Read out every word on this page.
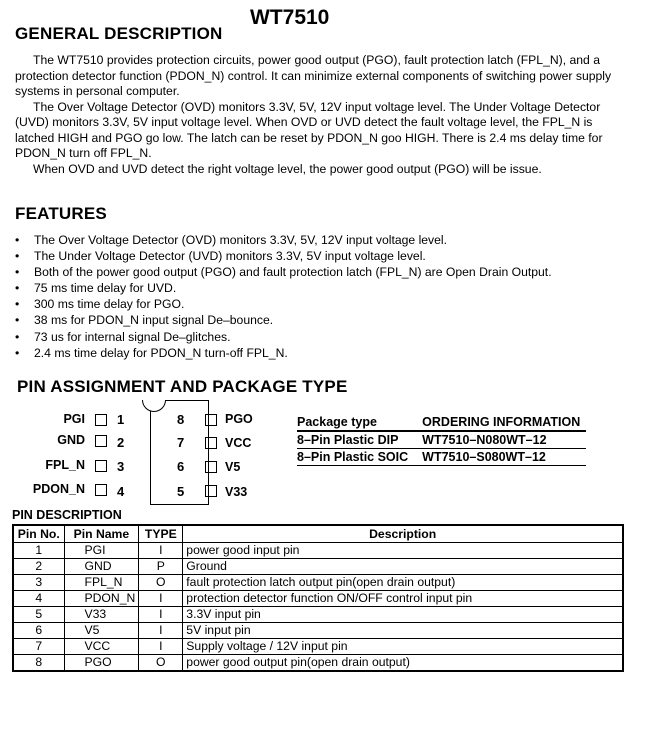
WT7510
GENERAL DESCRIPTION

The WT7510 provides protection circuits, power good output (PGO), fault protection latch (FPL_N), and a protection detector function (PDON_N) control. It can minimize external components of switching power supply systems in personal computer.

The Over Voltage Detector (OVD) monitors 3.3V, 5V, 12V input voltage level. The Under Voltage Detector (UVD) monitors 3.3V, 5V input voltage level. When OVD or UVD detect the fault voltage level, the FPL_N is latched HIGH and PGO go low. The latch can be reset by PDON_N goo HIGH. There is 2.4 ms delay time for PDON_N turn off FPL_N.

When OVD and UVD detect the right voltage level, the power good output (PGO) will be issue.

FEATURES
• The Over Voltage Detector (OVD) monitors 3.3V, 5V, 12V input voltage level.
• The Under Voltage Detector (UVD) monitors 3.3V, 5V input voltage level.
• Both of the power good output (PGO) and fault protection latch (FPL_N) are Open Drain Output.
• 75 ms time delay for UVD.
• 300 ms time delay for PGO.
• 38 ms for PDON_N input signal De–bounce.
• 73 us for internal signal De–glitches.
• 2.4 ms time delay for PDON_N turn-off FPL_N.
PIN ASSIGNMENT AND PACKAGE TYPE
PGI 1
GND 2
FPL_N 3
PDON_N 4
8	PGO
7	VCC
6	V5
5	V33
Package type	ORDERING INFORMATION
8–Pin Plastic DIP	WT7510–N080WT–12
8–Pin Plastic SOIC	WT7510–S080WT–12
PIN DESCRIPTION
Pin No.	Pin Name	TYPE	Description
1	PGI	I	power good input pin
2	GND	P	Ground
3	FPL_N	O	fault protection latch output pin(open drain output)
4	PDON_N	I	protection detector function ON/OFF control input pin
5	V33	I	3.3V input pin
6	V5	I	5V input pin
7	VCC	I	Supply voltage / 12V input pin
8	PGO	O	power good output pin(open drain output)
